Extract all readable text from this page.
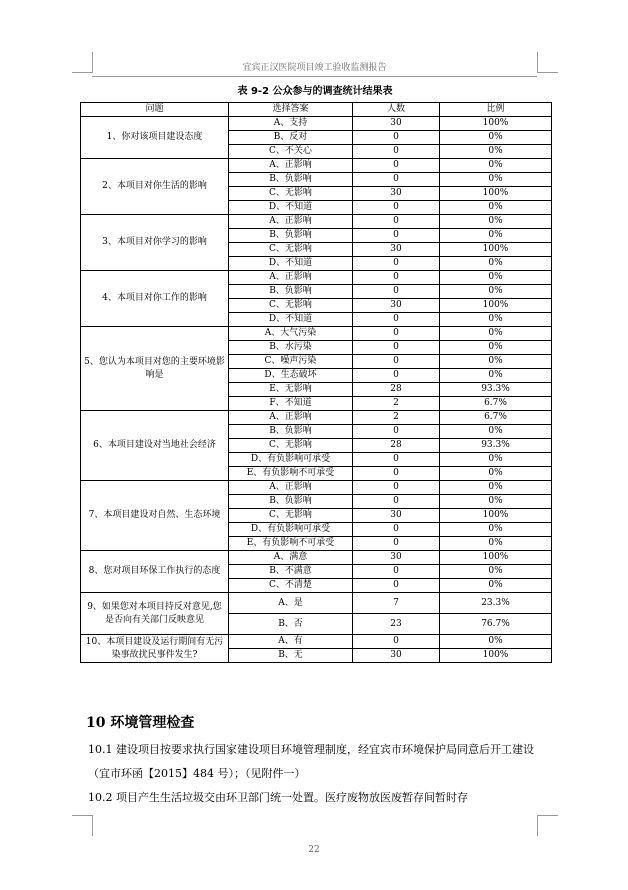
宜宾正汉医院项目竣工验收监测报告
表 9-2 公众参与的调查统计结果表
问题	选择答案	人数	比例
1、你对该项目建设态度	A、支持	30	100%
	B、反对	0	0%
	C、不关心	0	0%
2、本项目对你生活的影响	A、正影响	0	0%
	B、负影响	0	0%
	C、无影响	30	100%
	D、不知道	0	0%
3、本项目对你学习的影响	A、正影响	0	0%
	B、负影响	0	0%
	C、无影响	30	100%
	D、不知道	0	0%
4、本项目对你工作的影响	A、正影响	0	0%
	B、负影响	0	0%
	C、无影响	30	100%
	D、不知道	0	0%
5、您认为本项目对您的主要环境影响是	A、大气污染	0	0%
	B、水污染	0	0%
	C、噪声污染	0	0%
	D、生态破坏	0	0%
	E、无影响	28	93.3%
	F、不知道	2	6.7%
6、本项目建设对当地社会经济	A、正影响	2	6.7%
	B、负影响	0	0%
	C、无影响	28	93.3%
	D、有负影响可承受	0	0%
	E、有负影响不可承受	0	0%
7、本项目建设对自然、生态环境	A、正影响	0	0%
	B、负影响	0	0%
	C、无影响	30	100%
	D、有负影响可承受	0	0%
	E、有负影响不可承受	0	0%
8、您对项目环保工作执行的态度	A、满意	30	100%
	B、不满意	0	0%
	C、不清楚	0	0%
9、如果您对本项目持反对意见,您是否向有关部门反映意见	A、是	7	23.3%
	B、否	23	76.7%
10、本项目建设及运行期间有无污染事故扰民事件发生?	A、有	0	0%
	B、无	30	100%
10 环境管理检查
10.1 建设项目按要求执行国家建设项目环境管理制度，经宜宾市环境保护局同意后开工建设（宜市环函【2015】484 号）；（见附件一）
10.2 项目产生生活垃圾交由环卫部门统一处置。医疗废物放医废暂存间暂时存
22
